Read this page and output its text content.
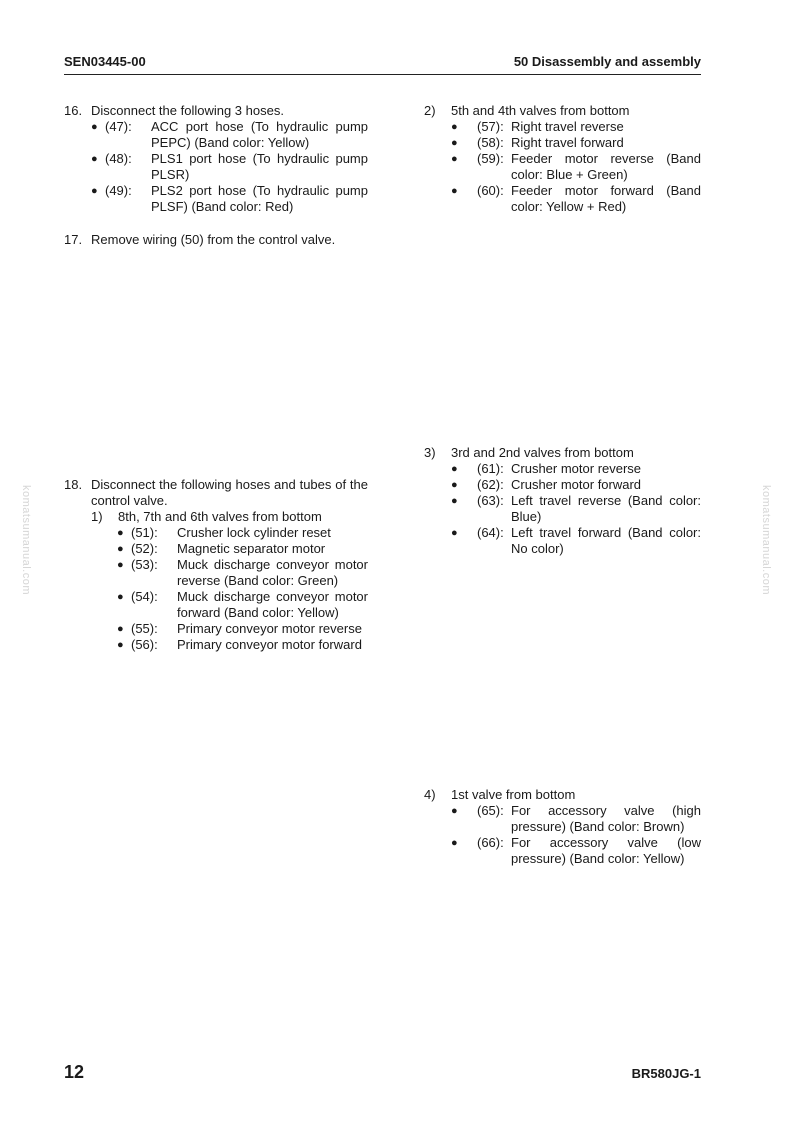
SEN03445-00	50 Disassembly and assembly
komatsumanual.com	komatsumanual.com
16. Disconnect the following 3 hoses.
● (47):	ACC port hose (To hydraulic pump PEPC) (Band color: Yellow)
● (48):	PLS1 port hose (To hydraulic pump PLSR)
● (49):	PLS2 port hose (To hydraulic pump PLSF) (Band color: Red)
17. Remove wiring (50) from the control valve.
18. Disconnect the following hoses and tubes of the control valve.
1)	8th, 7th and 6th valves from bottom
● (51):	Crusher lock cylinder reset
● (52):	Magnetic separator motor
● (53):	Muck discharge conveyor motor reverse (Band color: Green)
● (54):	Muck discharge conveyor motor forward (Band color: Yellow)
● (55):	Primary conveyor motor reverse
● (56):	Primary conveyor motor forward
2)	5th and 4th valves from bottom
● (57): Right travel reverse
● (58): Right travel forward
● (59): Feeder motor reverse (Band color: Blue + Green)
● (60): Feeder motor forward (Band color: Yellow + Red)
3)	3rd and 2nd valves from bottom
● (61): Crusher motor reverse
● (62): Crusher motor forward
● (63): Left travel reverse (Band color: Blue)
● (64): Left travel forward (Band color: No color)
4)	1st valve from bottom
● (65): For accessory valve (high pressure) (Band color: Brown)
● (66): For accessory valve (low pressure) (Band color: Yellow)
12	BR580JG-1
